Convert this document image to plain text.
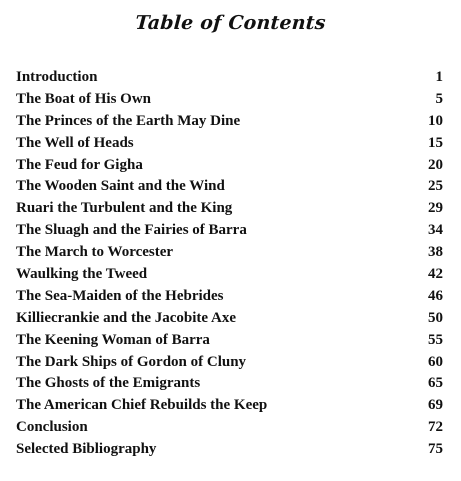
Table of Contents
Introduction	1
The Boat of His Own	5
The Princes of the Earth May Dine	10
The Well of Heads	15
The Feud for Gigha	20
The Wooden Saint and the Wind	25
Ruari the Turbulent and the King	29
The Sluagh and the Fairies of Barra	34
The March to Worcester	38
Waulking the Tweed	42
The Sea-Maiden of the Hebrides	46
Killiecrankie and the Jacobite Axe	50
The Keening Woman of Barra	55
The Dark Ships of Gordon of Cluny	60
The Ghosts of the Emigrants	65
The American Chief Rebuilds the Keep	69
Conclusion	72
Selected Bibliography	75
